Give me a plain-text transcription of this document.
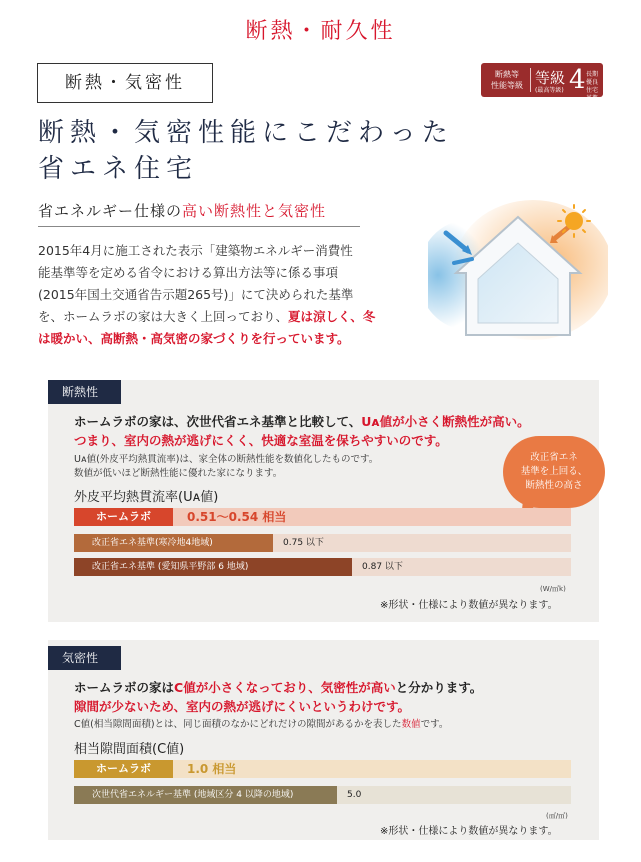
断熱・耐久性
断熱・気密性	断熱等
性能等級 等級
(最高等級) 4 長期優良
住宅基準
断熱・気密性能にこだわった
省エネ住宅
省エネルギー仕様の高い断熱性と気密性
2015年4月に施工された表示「建築物エネルギー消費性
能基準等を定める省令における算出方法等に係る事項
(2015年国土交通省告示題265号)」にて決められた基準
を、ホームラボの家は大きく上回っており、夏は涼しく、冬
は暖かい、高断熱・高気密の家づくりを行っています。
断熱性
ホームラボの家は、次世代省エネ基準と比較して、Uᴀ値が小さく断熱性が高い。
つまり、室内の熱が逃げにくく、快適な室温を保ちやすいのです。
Uᴀ値(外皮平均熱貫流率)は、家全体の断熱性能を数値化したものです。
数値が低いほど断熱性能に優れた家になります。
外皮平均熱貫流率(Uᴀ値)
改正省エネ
基準を上回る、
断熱性の高さ
ホームラボ	0.51〜0.54 相当
改正省エネ基準(寒冷地4地域)	0.75 以下
改正省エネ基準 (愛知県平野部 6 地域)	0.87 以下
(W/㎡k)
※形状・仕様により数値が異なります。
気密性
ホームラボの家はC値が小さくなっており、気密性が高いと分かります。
隙間が少ないため、室内の熱が逃げにくいというわけです。
C値(相当隙間面積)とは、同じ面積のなかにどれだけの隙間があるかを表した数値です。
相当隙間面積(C値)
ホームラボ	1.0 相当
次世代省エネルギー基準 (地域区分 4 以降の地域)	5.0
(㎠/㎡)
※形状・仕様により数値が異なります。
